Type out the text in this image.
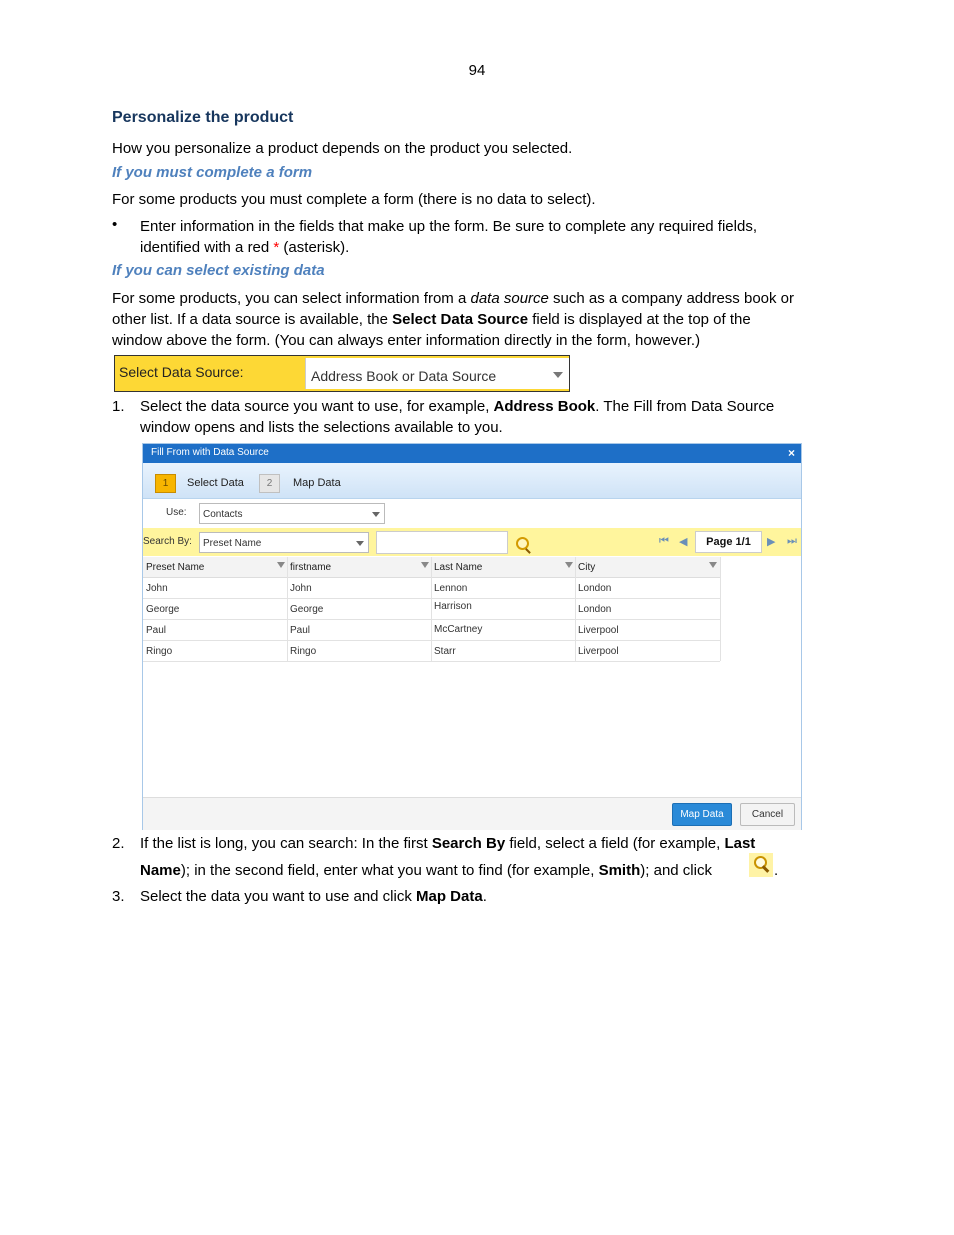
94
Personalize the product
How you personalize a product depends on the product you selected.
If you must complete a form
For some products you must complete a form (there is no data to select).
• Enter information in the fields that make up the form. Be sure to complete any required fields,
identified with a red * (asterisk).
If you can select existing data
For some products, you can select information from a data source such as a company address book or
other list. If a data source is available, the Select Data Source field is displayed at the top of the
window above the form. (You can always enter information directly in the form, however.)
Select Data Source:	Address Book or Data Source
1. Select the data source you want to use, for example, Address Book. The Fill from Data Source
window opens and lists the selections available to you.
Fill From with Data Source	×
1	Select Data	2	Map Data
Use: Contacts
Search By: Preset Name	⏮ ◀	Page 1/1	▶ ⏭
Preset Name	firstname	Last Name	City
John	John	Lennon	London
George	George	Harrison	London
Paul	Paul	McCartney	Liverpool
Ringo	Ringo	Starr	Liverpool
Map Data	Cancel
2. If the list is long, you can search: In the first Search By field, select a field (for example, Last
Name); in the second field, enter what you want to find (for example, Smith); and click	.
3. Select the data you want to use and click Map Data.
